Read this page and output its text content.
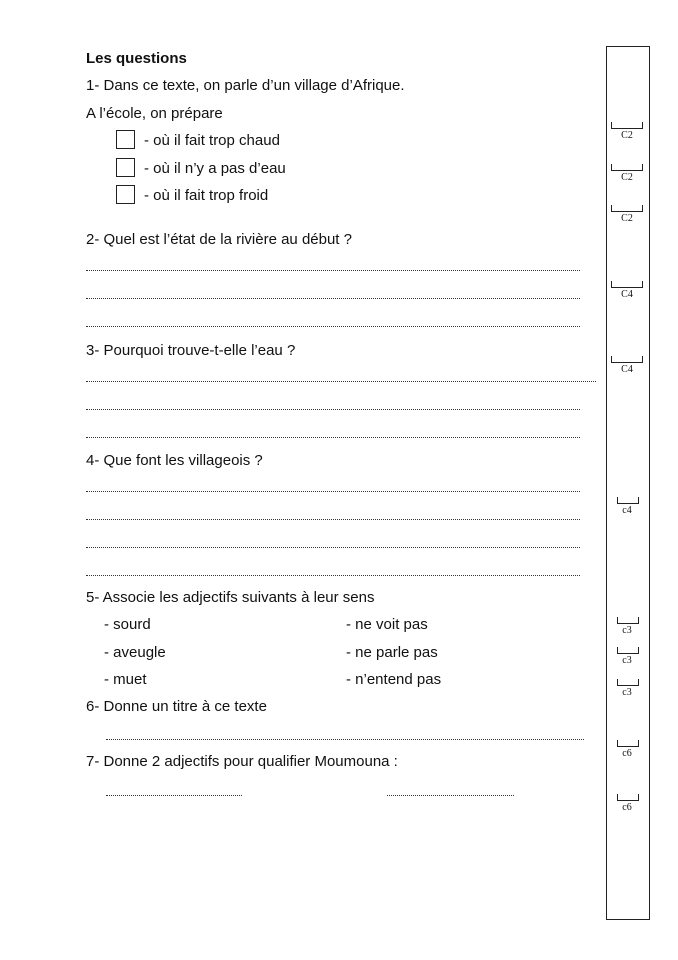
Les questions
1- Dans ce texte, on parle d’un village d’Afrique.
A l’école, on prépare
- où il fait trop chaud
- où il n’y a pas d’eau
- où il fait trop froid
2- Quel est l’état de la rivière au début ?
3- Pourquoi trouve-t-elle l’eau ?
4- Que font les villageois ?
5- Associe les adjectifs suivants à leur sens
- sourd
- aveugle
- muet
- ne voit pas
- ne parle pas
- n’entend pas
6- Donne un titre à ce texte
7- Donne 2 adjectifs pour qualifier Moumouna :
C2
C2
C2
C4
C4
c4
c3
c3
c3
c6
c6
